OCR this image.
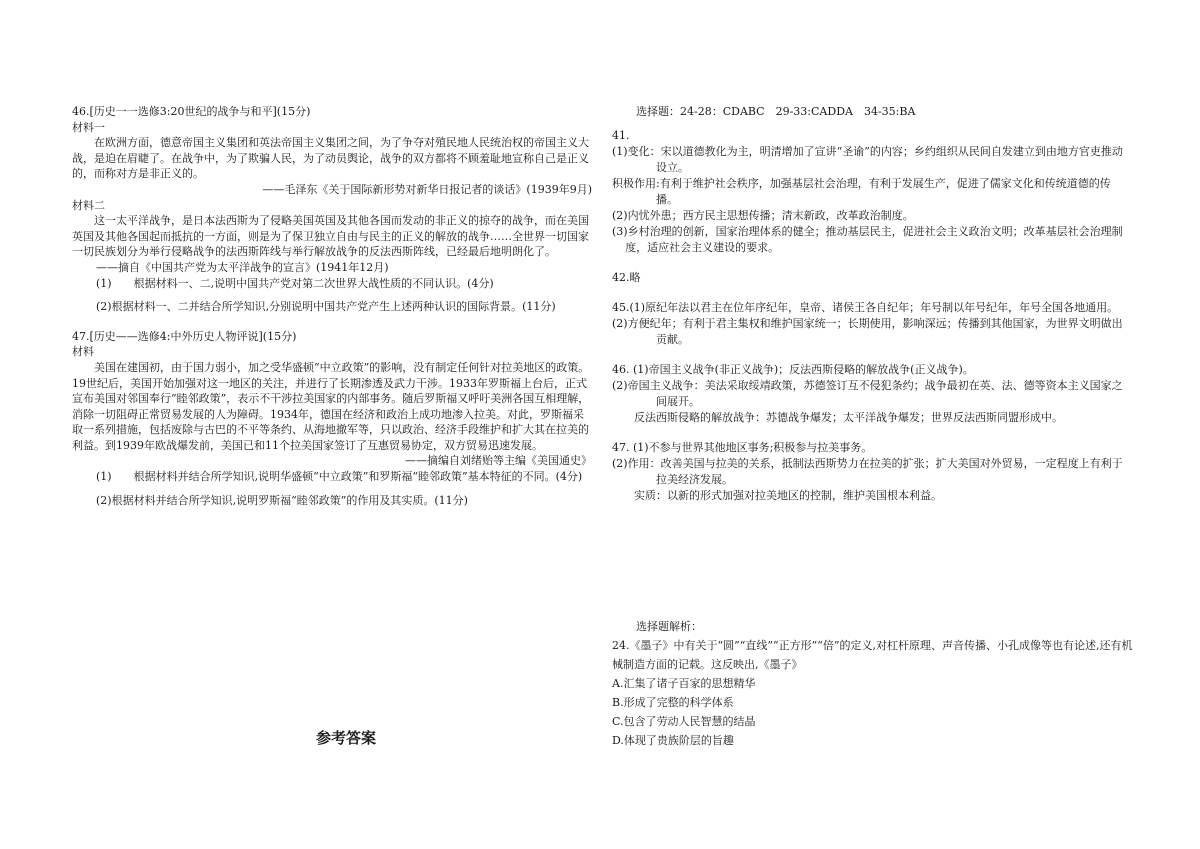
46.[历史一一选修3:20世纪的战争与和平](15分)

材料一

在欧洲方面，德意帝国主义集团和英法帝国主义集团之间，为了争夺对殖民地人民统治权的帝国主义大战，是迫在眉睫了。在战争中，为了欺骗人民，为了动员舆论，战争的双方都将不顾羞耻地宣称自己是正义的，而称对方是非正义的。

——毛泽东《关于国际新形势对新华日报记者的谈话》(1939年9月)

材料二

这一太平洋战争，是日本法西斯为了侵略美国英国及其他各国而发动的非正义的掠夺的战争，而在美国英国及其他各国起而抵抗的一方面，则是为了保卫独立自由与民主的正义的解放的战争……全世界一切国家一切民族划分为举行侵略战争的法西斯阵线与举行解放战争的反法西斯阵线，已经最后地明朗化了。

——摘自《中国共产党为太平洋战争的宣言》(1941年12月)

(1)　　根据材料一、二,说明中国共产党对第二次世界大战性质的不同认识。(4分)

(2)根据材料一、二并结合所学知识,分别说明中国共产党产生上述两种认识的国际背景。(11分)

47.[历史——选修4:中外历史人物评说](15分)

材料

美国在建国初，由于国力弱小，加之受华盛顿“中立政策”的影响，没有制定任何针对拉美地区的政策。19世纪后，美国开始加强对这一地区的关注，并进行了长期渗透及武力干涉。1933年罗斯福上台后，正式宣布美国对邻国奉行“睦邻政策”，表示不干涉拉美国家的内部事务。随后罗斯福又呼吁美洲各国互相理解，消除一切阻碍正常贸易发展的人为障碍。1934年，德国在经济和政治上成功地渗入拉美。对此，罗斯福采取一系列措施，包括废除与古巴的不平等条约、从海地撤军等，只以政治、经济手段维护和扩大其在拉美的利益。到1939年欧战爆发前，美国已和11个拉美国家签订了互惠贸易协定，双方贸易迅速发展。

——摘编自刘绪贻等主编《美国通史》

(1)　　根据材料并结合所学知识,说明华盛顿“中立政策”和罗斯福“睦邻政策”基本特征的不同。(4分)

(2)根据材料并结合所学知识,说明罗斯福“睦邻政策”的作用及其实质。(11分)

参考答案

选择题：24-28：CDABC　29-33:CADDA　34-35:BA

41.

(1)变化：宋以道德教化为主，明清增加了宣讲“圣谕”的内容；乡约组织从民间自发建立到由地方官吏推动设立。

积极作用:有利于维护社会秩序，加强基层社会治理，有利于发展生产，促进了儒家文化和传统道德的传播。

(2)内忧外患；西方民主思想传播；清末新政，改革政治制度。

(3)乡村治理的创新，国家治理体系的健全；推动基层民主，促进社会主义政治文明；改革基层社会治理制度，适应社会主义建设的要求。

42.略

45.(1)原纪年法以君主在位年序纪年，皇帝、诸侯王各自纪年；年号制以年号纪年，年号全国各地通用。

(2)方便纪年；有利于君主集权和维护国家统一；长期使用，影响深远；传播到其他国家，为世界文明做出贡献。

46. (1)帝国主义战争(非正义战争)；反法西斯侵略的解放战争(正义战争)。

(2)帝国主义战争：美法采取绥靖政策，苏德签订互不侵犯条约；战争最初在英、法、德等资本主义国家之间展开。

反法西斯侵略的解放战争：苏德战争爆发；太平洋战争爆发；世界反法西斯同盟形成中。

47. (1)不参与世界其他地区事务;积极参与拉美事务。

(2)作用：改善美国与拉美的关系，抵制法西斯势力在拉美的扩张；扩大美国对外贸易，一定程度上有利于拉美经济发展。

实质：以新的形式加强对拉美地区的控制，维护美国根本利益。

选择题解析：

24.《墨子》中有关于“圆”“直线”“正方形”“倍”的定义,对杠杆原理、声音传播、小孔成像等也有论述,还有机械制造方面的记载。这反映出,《墨子》

A.汇集了诸子百家的思想精华

B.形成了完整的科学体系

C.包含了劳动人民智慧的结晶

D.体现了贵族阶层的旨趣
